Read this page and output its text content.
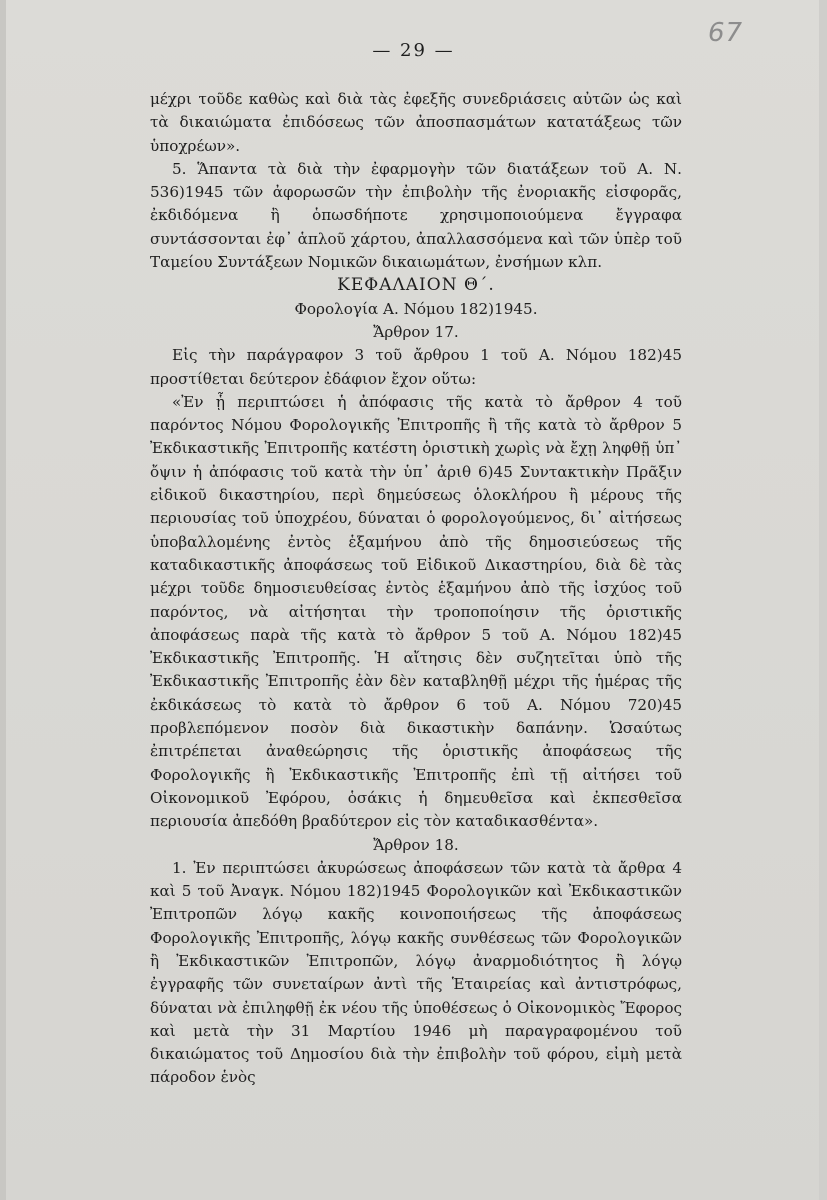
67
— 29 —

μέχρι τοῦδε καθὼς καὶ διὰ τὰς ἐφεξῆς συνεδριάσεις αὐτῶν ὡς καὶ τὰ δικαιώματα ἐπιδόσεως τῶν ἀποσπασμάτων κατατάξεως τῶν ὑποχρέων».

5. Ἅπαντα τὰ διὰ τὴν ἐφαρμογὴν τῶν διατάξεων τοῦ Α. Ν. 536)1945 τῶν ἀφορωσῶν τὴν ἐπιβολὴν τῆς ἐνοριακῆς εἰσφορᾶς, ἐκδιδόμενα ἢ ὁπωσδήποτε χρησιμοποιούμενα ἔγγραφα συντάσσονται ἐφ᾽ ἁπλοῦ χάρτου, ἀπαλλασσόμενα καὶ τῶν ὑπὲρ τοῦ Ταμείου Συντάξεων Νομικῶν δικαιωμάτων, ἐνσήμων κλπ.

ΚΕΦΑΛΑΙΟΝ Θ΄.

Φορολογία Α. Νόμου 182)1945.

Ἄρθρον 17.

Εἰς τὴν παράγραφον 3 τοῦ ἄρθρου 1 τοῦ Α. Νόμου 182)45 προστίθεται δεύτερον ἐδάφιον ἔχον οὕτω:

«Ἐν ᾗ περιπτώσει ἡ ἀπόφασις τῆς κατὰ τὸ ἄρθρον 4 τοῦ παρόντος Νόμου Φορολογικῆς Ἐπιτροπῆς ἢ τῆς κατὰ τὸ ἄρθρον 5 Ἐκδικαστικῆς Ἐπιτροπῆς κατέστη ὁριστικὴ χωρὶς νὰ ἔχῃ ληφθῇ ὑπ᾽ ὄψιν ἡ ἀπόφασις τοῦ κατὰ τὴν ὑπ᾽ ἀριθ 6)45 Συντακτικὴν Πρᾶξιν εἰδικοῦ δικαστηρίου, περὶ δημεύσεως ὁλοκλήρου ἢ μέρους τῆς περιουσίας τοῦ ὑποχρέου, δύναται ὁ φορολογούμενος, δι᾽ αἰτήσεως ὑποβαλλομένης ἐντὸς ἑξαμήνου ἀπὸ τῆς δημοσιεύσεως τῆς καταδικαστικῆς ἀποφάσεως τοῦ Εἰδικοῦ Δικαστηρίου, διὰ δὲ τὰς μέχρι τοῦδε δημοσιευθείσας ἐντὸς ἑξαμήνου ἀπὸ τῆς ἰσχύος τοῦ παρόντος, νὰ αἰτήσηται τὴν τροποποίησιν τῆς ὁριστικῆς ἀποφάσεως παρὰ τῆς κατὰ τὸ ἄρθρον 5 τοῦ Α. Νόμου 182)45 Ἐκδικαστικῆς Ἐπιτροπῆς. Ἡ αἴτησις δὲν συζητεῖται ὑπὸ τῆς Ἐκδικαστικῆς Ἐπιτροπῆς ἐὰν δὲν καταβληθῇ μέχρι τῆς ἡμέρας τῆς ἐκδικάσεως τὸ κατὰ τὸ ἄρθρον 6 τοῦ Α. Νόμου 720)45 προβλεπόμενον ποσὸν διὰ δικαστικὴν δαπάνην. Ὡσαύτως ἐπιτρέπεται ἀναθεώρησις τῆς ὁριστικῆς ἀποφάσεως τῆς Φορολογικῆς ἢ Ἐκδικαστικῆς Ἐπιτροπῆς ἐπὶ τῇ αἰτήσει τοῦ Οἰκονομικοῦ Ἐφόρου, ὁσάκις ἡ δημευθεῖσα καὶ ἐκπεσθεῖσα περιουσία ἀπεδόθη βραδύτερον εἰς τὸν καταδικασθέντα».

Ἄρθρον 18.

1. Ἐν περιπτώσει ἀκυρώσεως ἀποφάσεων τῶν κατὰ τὰ ἄρθρα 4 καὶ 5 τοῦ Ἀναγκ. Νόμου 182)1945 Φορολογικῶν καὶ Ἐκδικαστικῶν Ἐπιτροπῶν λόγῳ κακῆς κοινοποιήσεως τῆς ἀποφάσεως Φορολογικῆς Ἐπιτροπῆς, λόγῳ κακῆς συνθέσεως τῶν Φορολογικῶν ἢ Ἐκδικαστικῶν Ἐπιτροπῶν, λόγῳ ἀναρμοδιότητος ἢ λόγῳ ἐγγραφῆς τῶν συνεταίρων ἀντὶ τῆς Ἑταιρείας καὶ ἀντιστρόφως, δύναται νὰ ἐπιληφθῇ ἐκ νέου τῆς ὑποθέσεως ὁ Οἰκονομικὸς Ἔφορος καὶ μετὰ τὴν 31 Μαρτίου 1946 μὴ παραγραφομένου τοῦ δικαιώματος τοῦ Δημοσίου διὰ τὴν ἐπιβολὴν τοῦ φόρου, εἰμὴ μετὰ πάροδον ἑνὸς
